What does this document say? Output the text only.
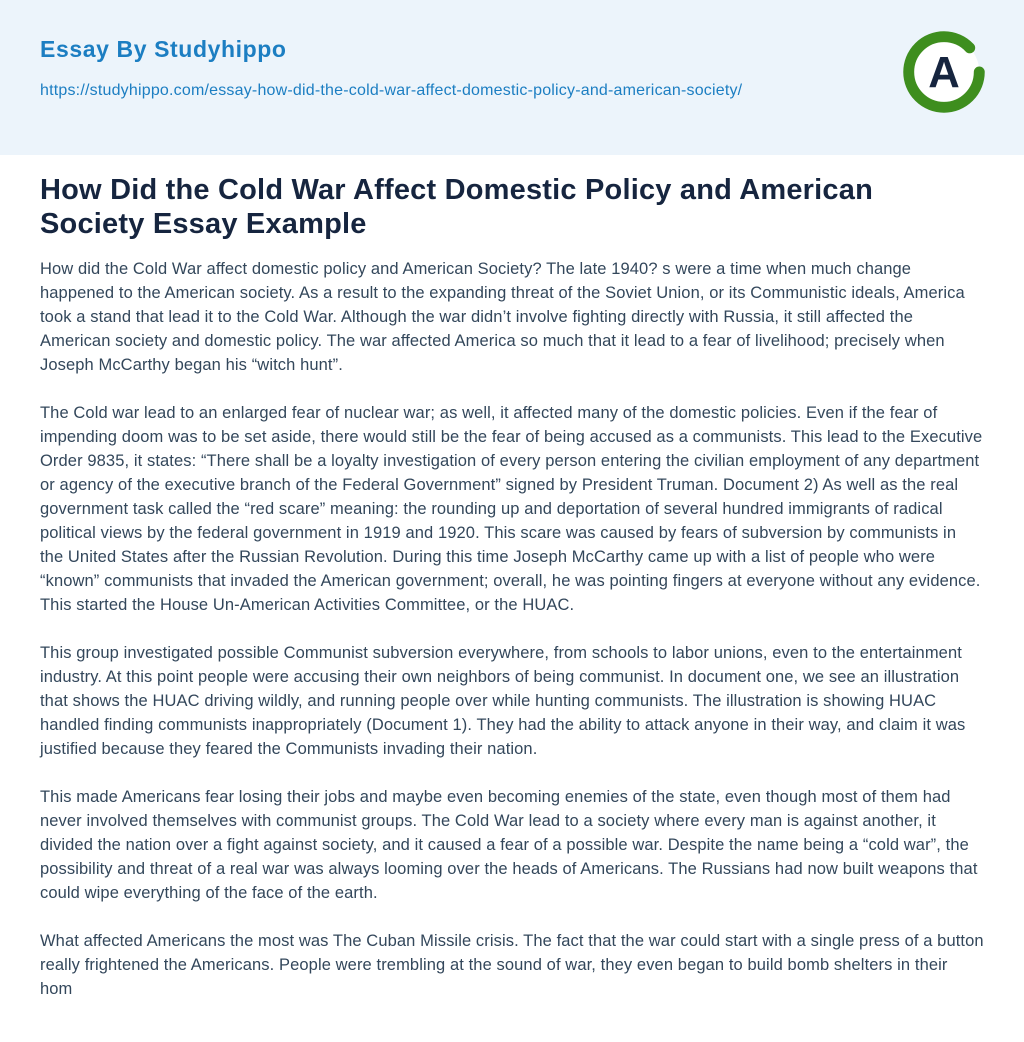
Essay By Studyhippo
https://studyhippo.com/essay-how-did-the-cold-war-affect-domestic-policy-and-american-society/	A
How Did the Cold War Affect Domestic Policy and American Society Essay Example

How did the Cold War affect domestic policy and American Society? The late 1940? s were a time when much change happened to the American society. As a result to the expanding threat of the Soviet Union, or its Communistic ideals, America took a stand that lead it to the Cold War. Although the war didn’t involve fighting directly with Russia, it still affected the American society and domestic policy. The war affected America so much that it lead to a fear of livelihood; precisely when Joseph McCarthy began his “witch hunt”.

The Cold war lead to an enlarged fear of nuclear war; as well, it affected many of the domestic policies. Even if the fear of impending doom was to be set aside, there would still be the fear of being accused as a communists. This lead to the Executive Order 9835, it states: “There shall be a loyalty investigation of every person entering the civilian employment of any department or agency of the executive branch of the Federal Government” signed by President Truman. Document 2) As well as the real government task called the “red scare” meaning: the rounding up and deportation of several hundred immigrants of radical political views by the federal government in 1919 and 1920. This scare was caused by fears of subversion by communists in the United States after the Russian Revolution. During this time Joseph McCarthy came up with a list of people who were “known” communists that invaded the American government; overall, he was pointing fingers at everyone without any evidence. This started the House Un-American Activities Committee, or the HUAC.

This group investigated possible Communist subversion everywhere, from schools to labor unions, even to the entertainment industry. At this point people were accusing their own neighbors of being communist. In document one, we see an illustration that shows the HUAC driving wildly, and running people over while hunting communists. The illustration is showing HUAC handled finding communists inappropriately (Document 1). They had the ability to attack anyone in their way, and claim it was justified because they feared the Communists invading their nation.

This made Americans fear losing their jobs and maybe even becoming enemies of the state, even though most of them had never involved themselves with communist groups. The Cold War lead to a society where every man is against another, it divided the nation over a fight against society, and it caused a fear of a possible war. Despite the name being a “cold war”, the possibility and threat of a real war was always looming over the heads of Americans. The Russians had now built weapons that could wipe everything of the face of the earth.

What affected Americans the most was The Cuban Missile crisis. The fact that the war could start with a single press of a button really frightened the Americans. People were trembling at the sound of war, they even began to build bomb shelters in their hom
